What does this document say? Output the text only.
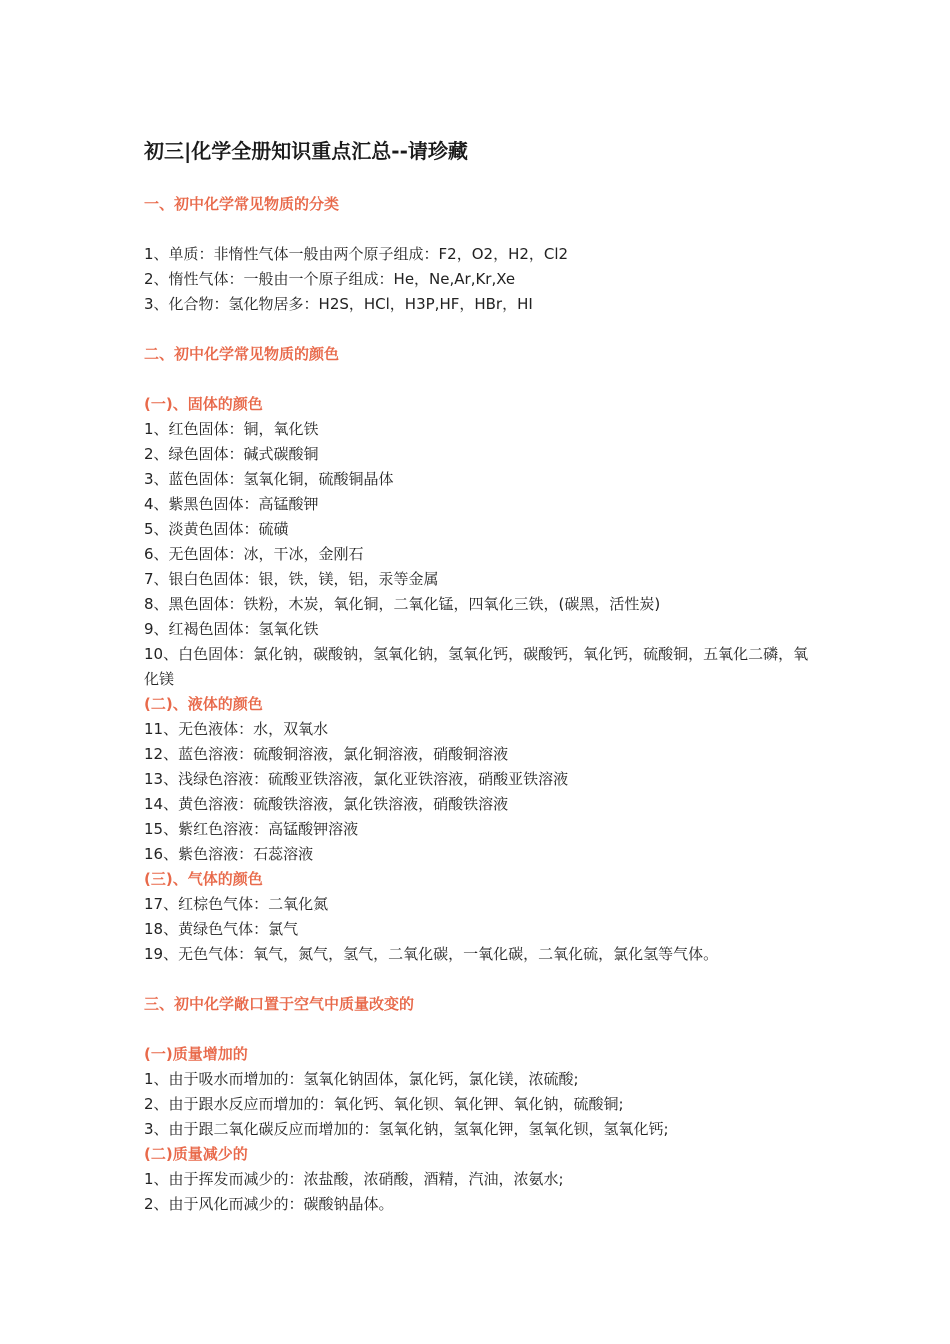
初三|化学全册知识重点汇总--请珍藏
一、初中化学常见物质的分类

1、单质：非惰性气体一般由两个原子组成：F2，O2，H2，Cl2

2、惰性气体：一般由一个原子组成：He，Ne,Ar,Kr,Xe

3、化合物：氢化物居多：H2S，HCl，H3P,HF，HBr，HI

二、初中化学常见物质的颜色
(一)、固体的颜色

1、红色固体：铜，氧化铁

2、绿色固体：碱式碳酸铜

3、蓝色固体：氢氧化铜，硫酸铜晶体

4、紫黑色固体：高锰酸钾

5、淡黄色固体：硫磺

6、无色固体：冰，干冰，金刚石

7、银白色固体：银，铁，镁，铝，汞等金属

8、黑色固体：铁粉，木炭，氧化铜，二氧化锰，四氧化三铁，(碳黑，活性炭)

9、红褐色固体：氢氧化铁

10、白色固体：氯化钠，碳酸钠，氢氧化钠，氢氧化钙，碳酸钙，氧化钙，硫酸铜，五氧化二磷，氧化镁

(二)、液体的颜色

11、无色液体：水，双氧水

12、蓝色溶液：硫酸铜溶液，氯化铜溶液，硝酸铜溶液

13、浅绿色溶液：硫酸亚铁溶液，氯化亚铁溶液，硝酸亚铁溶液

14、黄色溶液：硫酸铁溶液，氯化铁溶液，硝酸铁溶液

15、紫红色溶液：高锰酸钾溶液

16、紫色溶液：石蕊溶液

(三)、气体的颜色

17、红棕色气体：二氧化氮

18、黄绿色气体：氯气

19、无色气体：氧气，氮气，氢气，二氧化碳，一氧化碳，二氧化硫，氯化氢等气体。

三、初中化学敞口置于空气中质量改变的
(一)质量增加的

1、由于吸水而增加的：氢氧化钠固体，氯化钙，氯化镁，浓硫酸;

2、由于跟水反应而增加的：氧化钙、氧化钡、氧化钾、氧化钠，硫酸铜;

3、由于跟二氧化碳反应而增加的：氢氧化钠，氢氧化钾，氢氧化钡，氢氧化钙;

(二)质量减少的

1、由于挥发而减少的：浓盐酸，浓硝酸，酒精，汽油，浓氨水;

2、由于风化而减少的：碳酸钠晶体。
